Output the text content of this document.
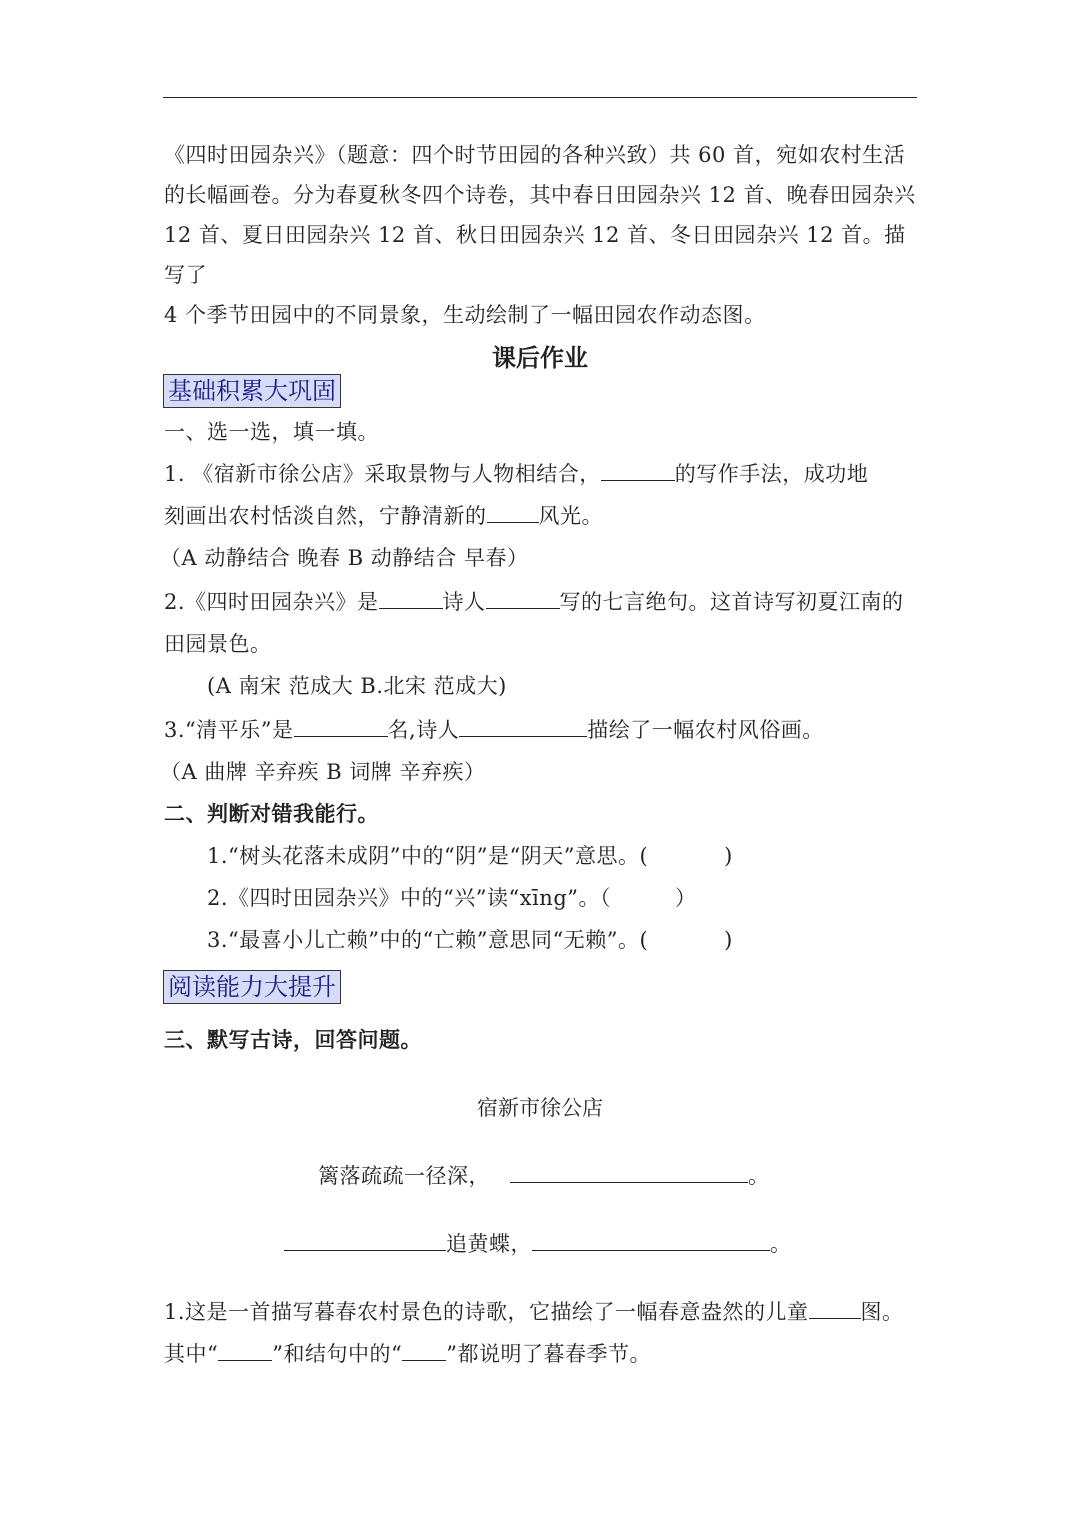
《四时田园杂兴》（题意：四个时节田园的各种兴致）共 60 首，宛如农村生活
的长幅画卷。分为春夏秋冬四个诗卷，其中春日田园杂兴 12 首、晚春田园杂兴
12 首、夏日田园杂兴 12 首、秋日田园杂兴 12 首、冬日田园杂兴 12 首。描写了
4 个季节田园中的不同景象，生动绘制了一幅田园农作动态图。
课后作业
基础积累大巩固
一、选一选，填一填。
1. 《宿新市徐公店》采取景物与人物相结合，	的写作手法，成功地
刻画出农村恬淡自然，宁静清新的 风光。
（A 动静结合 晚春 B 动静结合 早春）
2.《四时田园杂兴》是	诗人	写的七言绝句。这首诗写初夏江南的
田园景色。
(A 南宋 范成大 B.北宋 范成大)
3.“清平乐”是	名,诗人	描绘了一幅农村风俗画。
（A 曲牌 辛弃疾 B 词牌 辛弃疾）
二、判断对错我能行。
1.“树头花落未成阴”中的“阴”是“阴天”意思。(	)
2.《四时田园杂兴》中的“兴”读“xīng”。（	）
3.“最喜小儿亡赖”中的“亡赖”意思同“无赖”。(	)
阅读能力大提升
三、默写古诗，回答问题。
宿新市徐公店
篱落疏疏一径深，	。
追黄蝶，	。
1.这是一首描写暮春农村景色的诗歌，它描绘了一幅春意盎然的儿童 图。
其中“	”和结句中的“ ”都说明了暮春季节。
